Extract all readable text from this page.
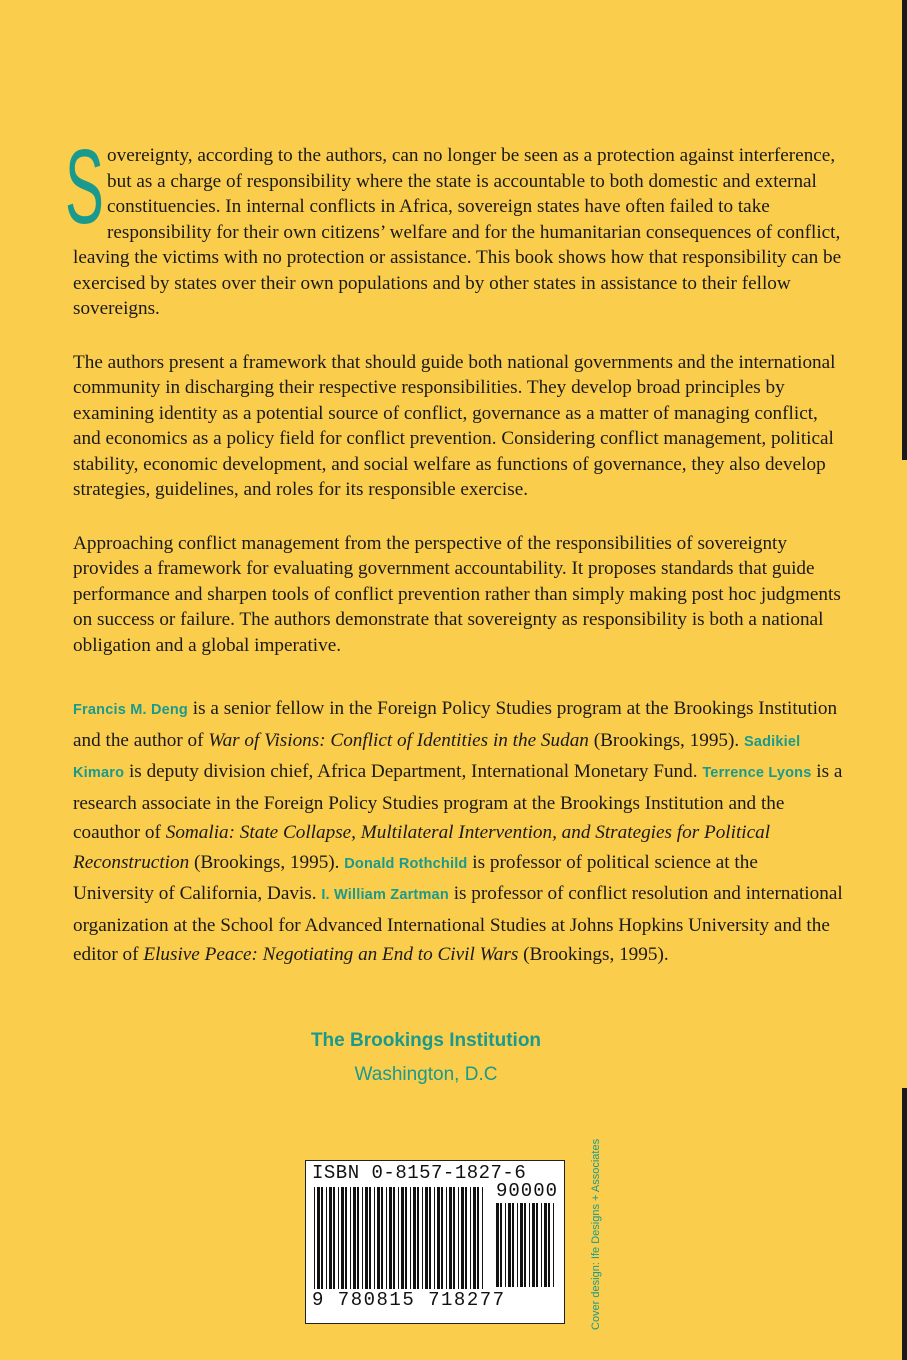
Sovereignty, according to the authors, can no longer be seen as a protection against interference, but as a charge of responsibility where the state is accountable to both domestic and external constituencies. In internal conflicts in Africa, sovereign states have often failed to take responsibility for their own citizens’ welfare and for the humanitarian consequences of conflict, leaving the victims with no protection or assistance. This book shows how that responsibility can be exercised by states over their own populations and by other states in assistance to their fellow sovereigns.

The authors present a framework that should guide both national governments and the international community in discharging their respective responsibilities. They develop broad principles by examining identity as a potential source of conflict, governance as a matter of managing conflict, and economics as a policy field for conflict prevention. Considering conflict management, political stability, economic development, and social welfare as functions of governance, they also develop strategies, guidelines, and roles for its responsible exercise.

Approaching conflict management from the perspective of the responsibilities of sovereignty provides a framework for evaluating government accountability. It proposes standards that guide performance and sharpen tools of conflict prevention rather than simply making post hoc judgments on success or failure. The authors demonstrate that sovereignty as responsibility is both a national obligation and a global imperative.

Francis M. Deng is a senior fellow in the Foreign Policy Studies program at the Brookings Institution and the author of War of Visions: Conflict of Identities in the Sudan (Brookings, 1995). Sadikiel Kimaro is deputy division chief, Africa Department, International Monetary Fund. Terrence Lyons is a research associate in the Foreign Policy Studies program at the Brookings Institution and the coauthor of Somalia: State Collapse, Multilateral Intervention, and Strategies for Political Reconstruction (Brookings, 1995). Donald Rothchild is professor of political science at the University of California, Davis. I. William Zartman is professor of conflict resolution and international organization at the School for Advanced International Studies at Johns Hopkins University and the editor of Elusive Peace: Negotiating an End to Civil Wars (Brookings, 1995).
The Brookings Institution
Washington, D.C
ISBN 0-8157-1827-6
90000
9 780815 718277	Cover design: Ife Designs + Associates
